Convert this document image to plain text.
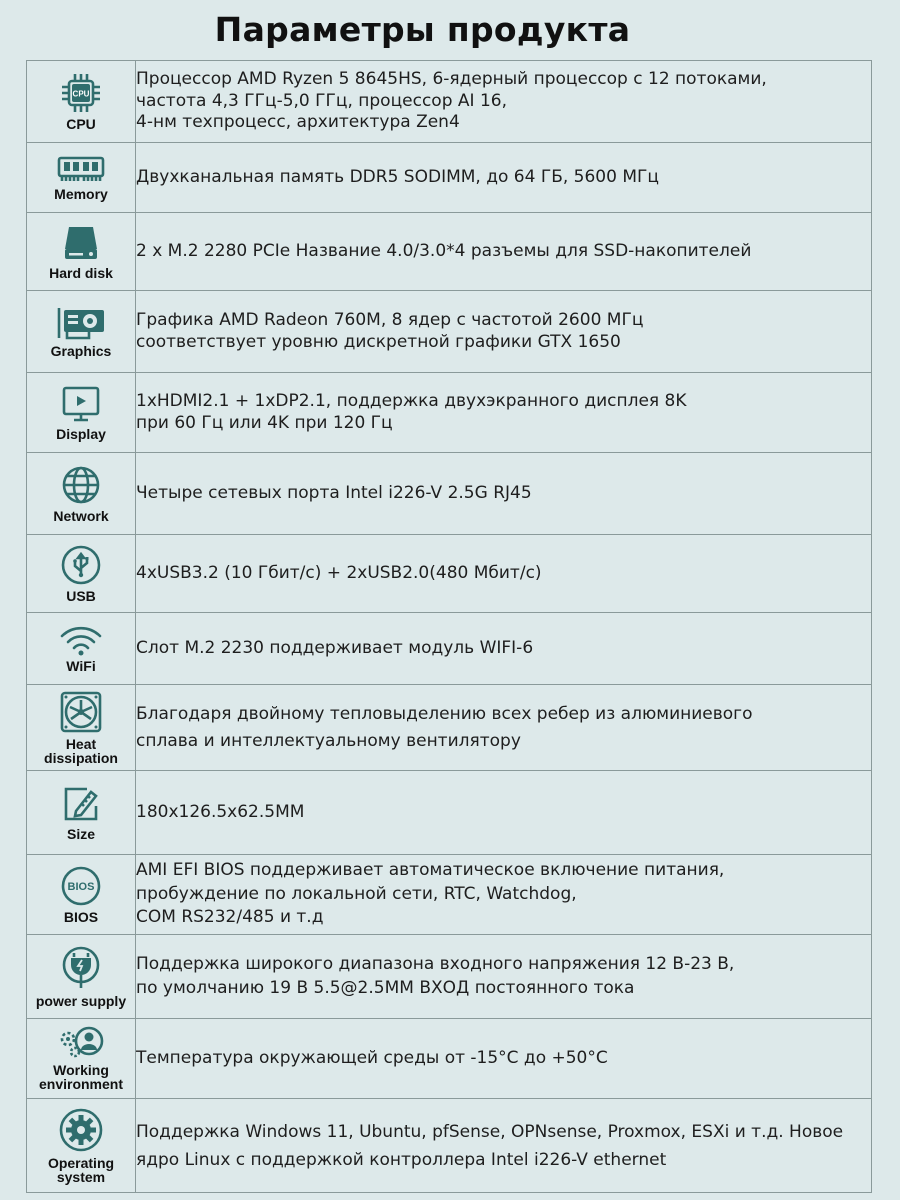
Параметры продукта
CPU
CPU	Процессор AMD Ryzen 5 8645HS, 6-ядерный процессор с 12 потоками,
частота 4,3 ГГц-5,0 ГГц, процессор AI 16,
4-нм техпроцесс, архитектура Zen4

Memory	Двухканальная память DDR5 SODIMM, до 64 ГБ, 5600 МГц

Hard disk	2 x M.2 2280 PCIe Название 4.0/3.0*4 разъемы для SSD-накопителей

Graphics	Графика AMD Radeon 760M, 8 ядер с частотой 2600 МГц
соответствует уровню дискретной графики GTX 1650

Display	1xHDMI2.1 + 1xDP2.1, поддержка двухэкранного дисплея 8K
при 60 Гц или 4K при 120 Гц

Network	Четыре сетевых порта Intel i226-V 2.5G RJ45

USB	4xUSB3.2 (10 Гбит/с) + 2xUSB2.0(480 Мбит/с)

WiFi	Слот M.2 2230 поддерживает модуль WIFI-6

Heat dissipation	Благодаря двойному тепловыделению всех ребер из алюминиевого
сплава и интеллектуальному вентилятору

Size	180x126.5x62.5MM

BIOS
BIOS	AMI EFI BIOS поддерживает автоматическое включение питания,
пробуждение по локальной сети, RTC, Watchdog,
COM RS232/485 и т.д

power supply	Поддержка широкого диапазона входного напряжения 12 В-23 В,
по умолчанию 19 В 5.5@2.5MM ВХОД постоянного тока

Working environment	Температура окружающей среды от -15°C до +50°C

Operating system	Поддержка Windows 11, Ubuntu, pfSense, OPNsense, Proxmox, ESXi и т.д. Новое
ядро Linux с поддержкой контроллера Intel i226-V ethernet
